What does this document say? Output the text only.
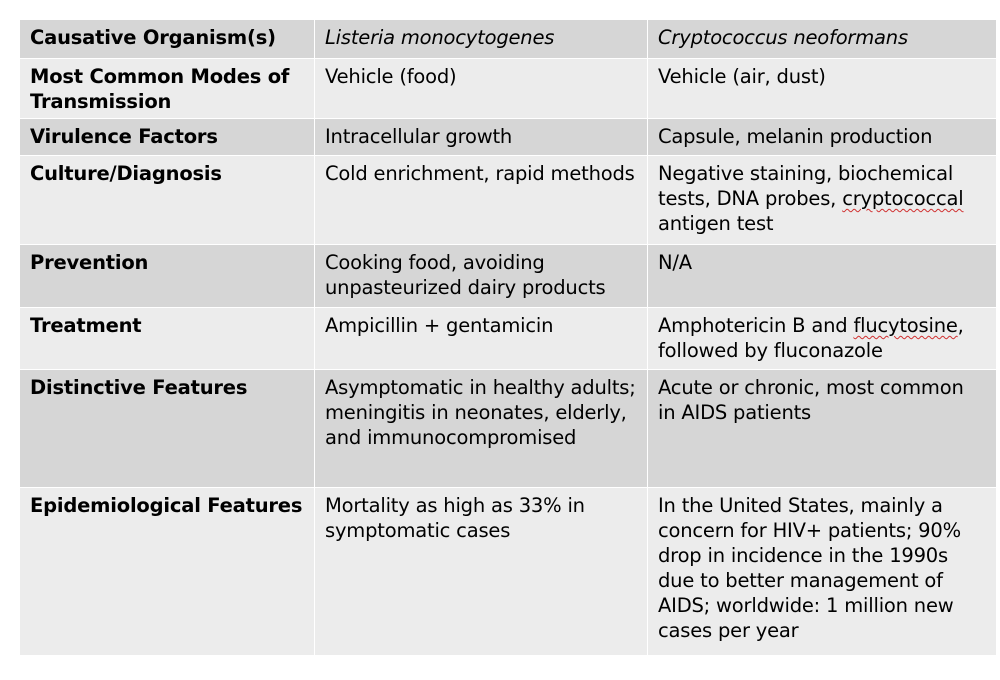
Causative Organism(s)	Listeria monocytogenes	Cryptococcus neoformans
Most Common Modes of Transmission	Vehicle (food)	Vehicle (air, dust)
Virulence Factors	Intracellular growth	Capsule, melanin production
Culture/Diagnosis	Cold enrichment, rapid methods	Negative staining, biochemical tests, DNA probes, cryptococcal antigen test
Prevention	Cooking food, avoiding unpasteurized dairy products	N/A
Treatment	Ampicillin + gentamicin	Amphotericin B and flucytosine, followed by fluconazole
Distinctive Features	Asymptomatic in healthy adults; meningitis in neonates, elderly, and immunocompromised	Acute or chronic, most common in AIDS patients
Epidemiological Features	Mortality as high as 33% in symptomatic cases	In the United States, mainly a concern for HIV+ patients; 90% drop in incidence in the 1990s due to better management of AIDS; worldwide: 1 million new cases per year
